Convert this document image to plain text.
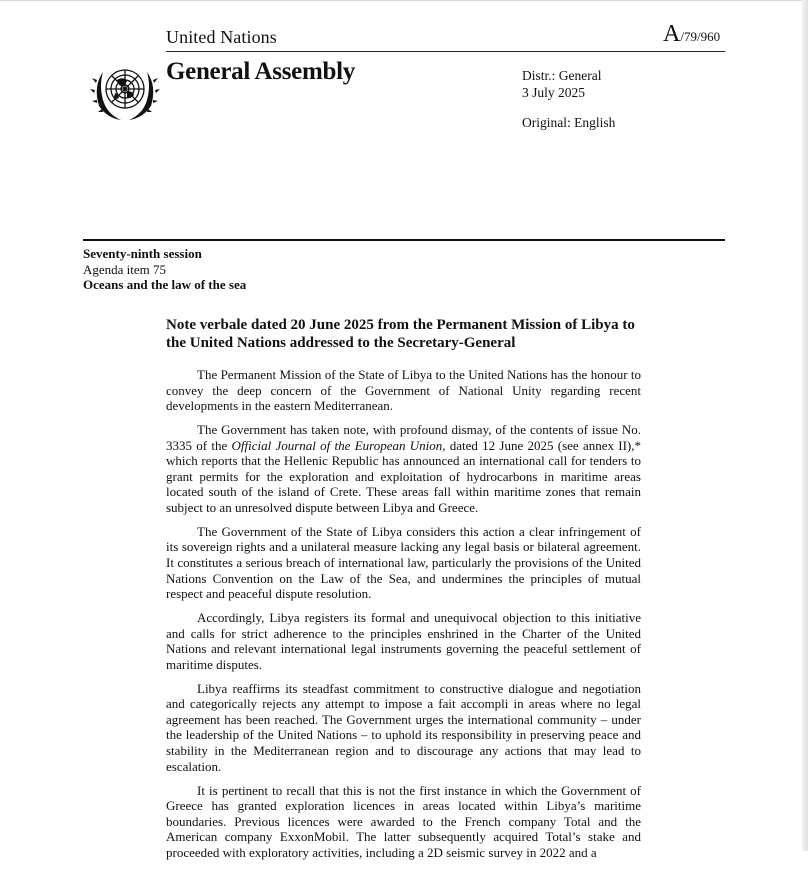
United Nations	A/79/960
General Assembly	Distr.: General
3 July 2025
Original: English
Seventy-ninth session
Agenda item 75
Oceans and the law of the sea
Note verbale dated 20 June 2025 from the Permanent Mission of Libya to the United Nations addressed to the Secretary-General

The Permanent Mission of the State of Libya to the United Nations has the honour to convey the deep concern of the Government of National Unity regarding recent developments in the eastern Mediterranean.

The Government has taken note, with profound dismay, of the contents of issue No. 3335 of the Official Journal of the European Union, dated 12 June 2025 (see annex II),* which reports that the Hellenic Republic has announced an international call for tenders to grant permits for the exploration and exploitation of hydrocarbons in maritime areas located south of the island of Crete. These areas fall within maritime zones that remain subject to an unresolved dispute between Libya and Greece.

The Government of the State of Libya considers this action a clear infringement of its sovereign rights and a unilateral measure lacking any legal basis or bilateral agreement. It constitutes a serious breach of international law, particularly the provisions of the United Nations Convention on the Law of the Sea, and undermines the principles of mutual respect and peaceful dispute resolution.

Accordingly, Libya registers its formal and unequivocal objection to this initiative and calls for strict adherence to the principles enshrined in the Charter of the United Nations and relevant international legal instruments governing the peaceful settlement of maritime disputes.

Libya reaffirms its steadfast commitment to constructive dialogue and negotiation and categorically rejects any attempt to impose a fait accompli in areas where no legal agreement has been reached. The Government urges the international community – under the leadership of the United Nations – to uphold its responsibility in preserving peace and stability in the Mediterranean region and to discourage any actions that may lead to escalation.

It is pertinent to recall that this is not the first instance in which the Government of Greece has granted exploration licences in areas located within Libya’s maritime boundaries. Previous licences were awarded to the French company Total and the American company ExxonMobil. The latter subsequently acquired Total’s stake and proceeded with exploratory activities, including a 2D seismic survey in 2022 and a
